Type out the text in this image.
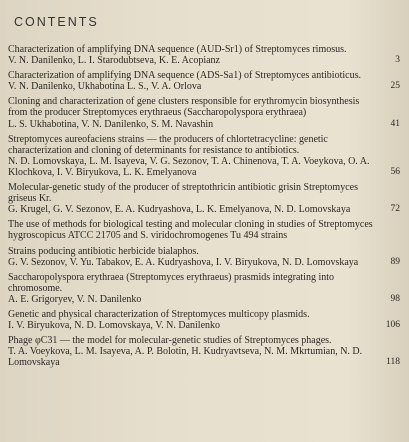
CONTENTS
Characterization of amplifying DNA sequence (AUD-Sr1) of Streptomyces rimosus.
V. N. Danilenko, L. I. Starodubtseva, K. E. Acopianz	3
Characterization of amplifying DNA sequence (ADS-Sa1) of Streptomyces antibioticus.
V. N. Danilenko, Ukhabotina L. S., V. A. Orlova	25
Cloning and characterization of gene clusters responsible for erythromycin biosynthesis from the producer Streptomyces erythraeus (Saccharopolyspora erythraea)
L. S. Ukhabotina, V. N. Danilenko, S. M. Navashin	41
Streptomyces aureofaciens strains — the producers of chlortetracycline: genetic characterization and cloning of determinants for resistance to antibiotics.
N. D. Lomovskaya, L. M. Isayeva, V. G. Sezonov, T. A. Chinenova, T. A. Voeykova, O. A. Klochkova, I. V. Biryukova, L. K. Emelyanova	56
Molecular-genetic study of the producer of streptothricin antibiotic grisin Streptomyces griseus Kr.
G. Krugel, G. V. Sezonov, E. A. Kudryashova, L. K. Emelyanova, N. D. Lomovskaya	72
The use of methods for biological testing and molecular cloning in studies of Streptomyces hygroscopicus ATCC 21705 and S. viridochromogenes Tu 494 strains
Strains poducing antibiotic herbicide bialaphos.
G. V. Sezonov, V. Yu. Tabakov, E. A. Kudryashova, I. V. Biryukova, N. D. Lomovskaya	89
Saccharopolyspora erythraea (Streptomyces erythraeus) prasmids integrating into chromosome.
A. E. Grigoryev, V. N. Danilenko	98
Genetic and physical characterization of Streptomyces multicopy plasmids.
I. V. Biryukova, N. D. Lomovskaya, V. N. Danilenko	106
Phage φC31 — the model for molecular-genetic studies of Streptomyces phages.
T. A. Voeykova, L. M. Isayeva, A. P. Bolotin, H. Kudryavtseva, N. M. Mkrtumian, N. D. Lomovskaya	118
